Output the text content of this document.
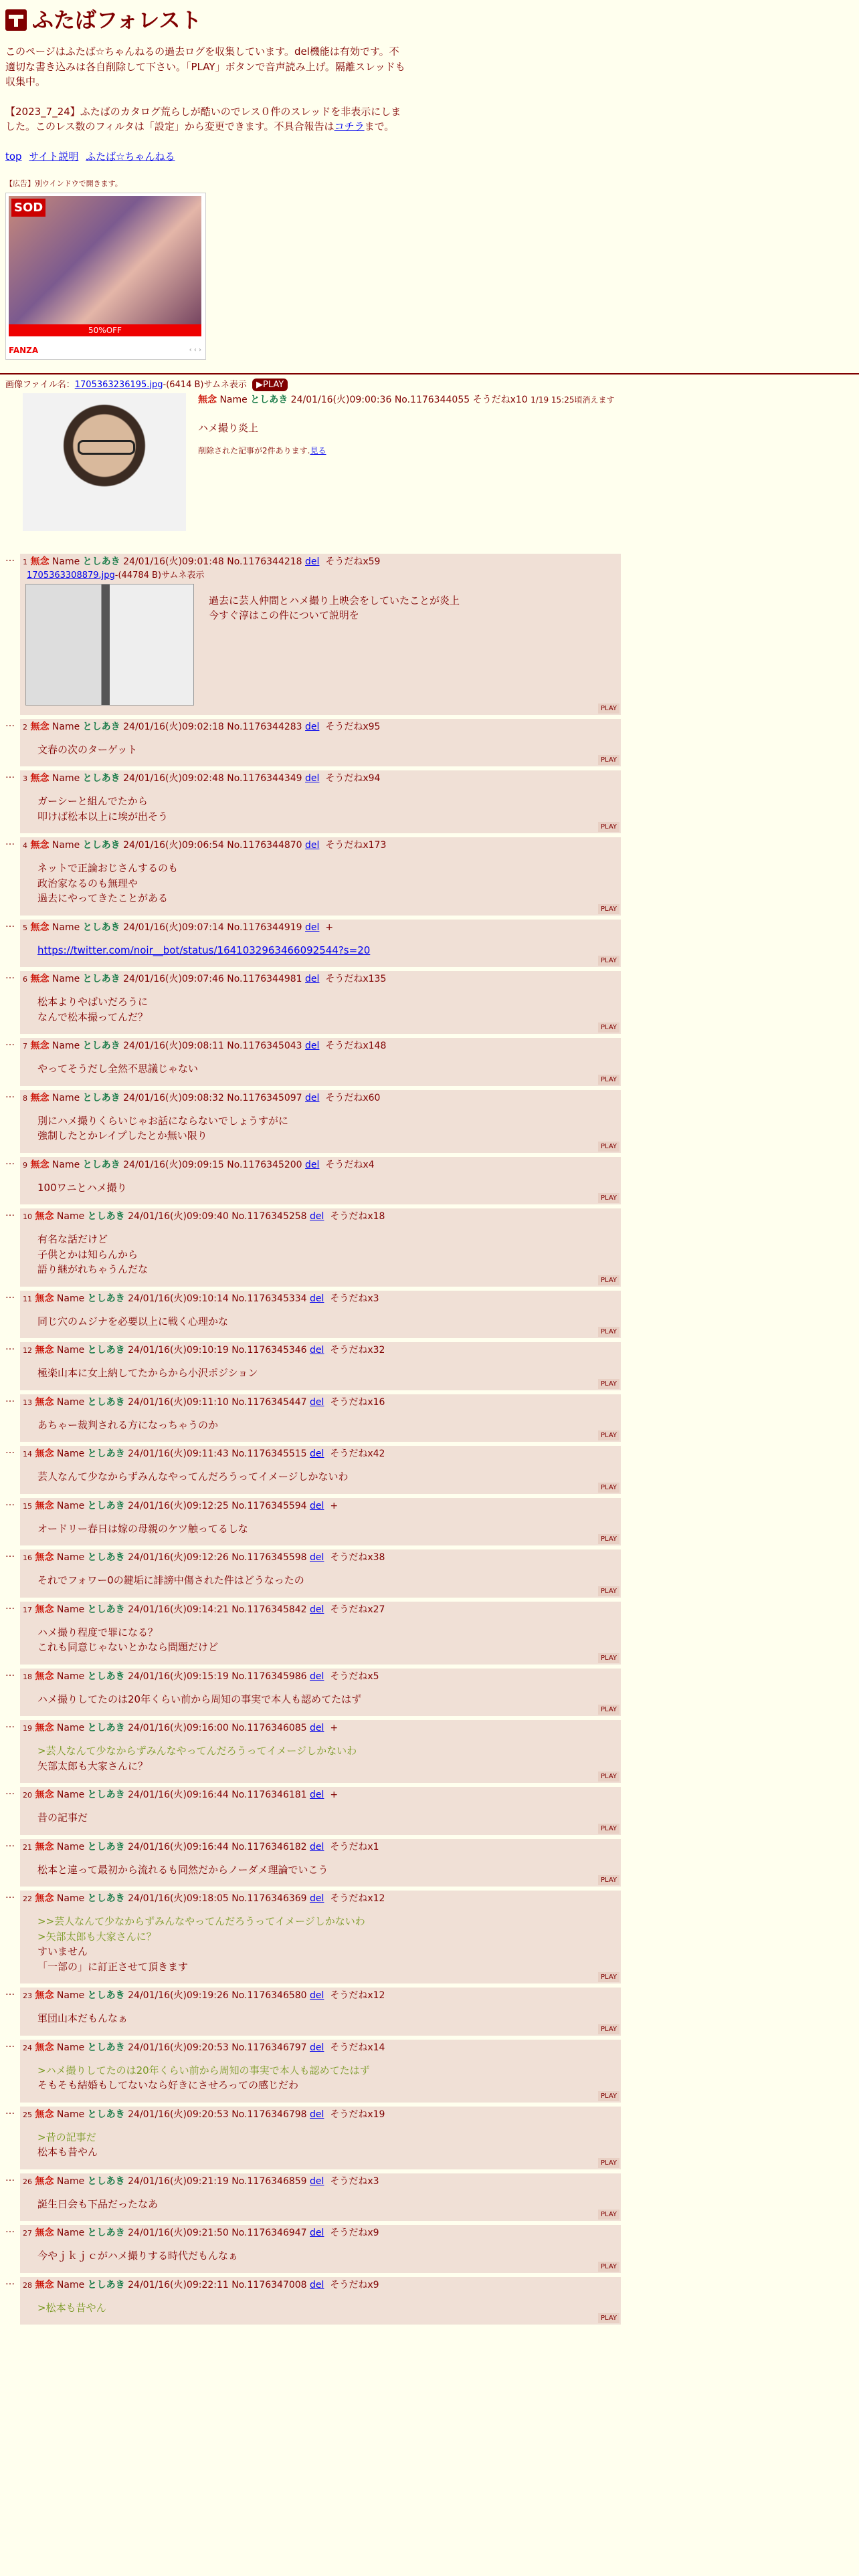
ふたばフォレスト

このページはふたば☆ちゃんねるの過去ログを収集しています。del機能は有効です。不適切な書き込みは各自削除して下さい。「PLAY」ボタンで音声読み上げ。隔離スレッドも収集中。

【2023_7_24】ふたばのカタログ荒らしが酷いのでレス０件のスレッドを非表示にしました。このレス数のフィルタは「設定」から変更できます。不具合報告はコチラまで。

top サイト説明 ふたば☆ちゃんねる
【広告】別ウインドウで開きます。
SOD
50%OFF
FANZA	‹ ‹ ›
画像ファイル名：1705363236195.jpg-(6414 B)サムネ表示 ▶PLAY
無念 Name としあき 24/01/16(火)09:00:36 No.1176344055 そうだねx10 1/19 15:25頃消えます
ハメ撮り炎上
削除された記事が2件あります.見る
…	1 無念 Name としあき 24/01/16(火)09:01:48 No.1176344218 del そうだねx59
1705363308879.jpg-(44784 B)サムネ表示
過去に芸人仲間とハメ撮り上映会をしていたことが炎上
今すぐ淳はこの件について説明を
PLAY
…	2 無念 Name としあき 24/01/16(火)09:02:18 No.1176344283 del そうだねx95
文春の次のターゲット
PLAY
…	3 無念 Name としあき 24/01/16(火)09:02:48 No.1176344349 del そうだねx94
ガーシーと組んでたから
叩けば松本以上に埃が出そう
PLAY
…	4 無念 Name としあき 24/01/16(火)09:06:54 No.1176344870 del そうだねx173
ネットで正論おじさんするのも
政治家なるのも無理や
過去にやってきたことがある
PLAY
…	5 無念 Name としあき 24/01/16(火)09:07:14 No.1176344919 del +
https://twitter.com/noir__bot/status/1641032963466092544?s=20
PLAY
…	6 無念 Name としあき 24/01/16(火)09:07:46 No.1176344981 del そうだねx135
松本よりやばいだろうに
なんで松本撮ってんだ？
PLAY
…	7 無念 Name としあき 24/01/16(火)09:08:11 No.1176345043 del そうだねx148
やってそうだし全然不思議じゃない
PLAY
…	8 無念 Name としあき 24/01/16(火)09:08:32 No.1176345097 del そうだねx60
別にハメ撮りくらいじゃお話にならないでしょうすがに
強制したとかレイプしたとか無い限り
PLAY
…	9 無念 Name としあき 24/01/16(火)09:09:15 No.1176345200 del そうだねx4
100ワニとハメ撮り
PLAY
…	10 無念 Name としあき 24/01/16(火)09:09:40 No.1176345258 del そうだねx18
有名な話だけど
子供とかは知らんから
語り継がれちゃうんだな
PLAY
…	11 無念 Name としあき 24/01/16(火)09:10:14 No.1176345334 del そうだねx3
同じ穴のムジナを必要以上に戦く心理かな
PLAY
…	12 無念 Name としあき 24/01/16(火)09:10:19 No.1176345346 del そうだねx32
極楽山本に女上納してたからから小沢ポジション
PLAY
…	13 無念 Name としあき 24/01/16(火)09:11:10 No.1176345447 del そうだねx16
あちゃー裁判される方になっちゃうのか
PLAY
…	14 無念 Name としあき 24/01/16(火)09:11:43 No.1176345515 del そうだねx42
芸人なんて少なからずみんなやってんだろうってイメージしかないわ
PLAY
…	15 無念 Name としあき 24/01/16(火)09:12:25 No.1176345594 del +
オードリー春日は嫁の母親のケツ触ってるしな
PLAY
…	16 無念 Name としあき 24/01/16(火)09:12:26 No.1176345598 del そうだねx38
それでフォワー0の鍵垢に誹謗中傷された件はどうなったの
PLAY
…	17 無念 Name としあき 24/01/16(火)09:14:21 No.1176345842 del そうだねx27
ハメ撮り程度で罪になる？
これも同意じゃないとかなら問題だけど
PLAY
…	18 無念 Name としあき 24/01/16(火)09:15:19 No.1176345986 del そうだねx5
ハメ撮りしてたのは20年くらい前から周知の事実で本人も認めてたはず
PLAY
…	19 無念 Name としあき 24/01/16(火)09:16:00 No.1176346085 del +
>芸人なんて少なからずみんなやってんだろうってイメージしかないわ
矢部太郎も大家さんに？
PLAY
…	20 無念 Name としあき 24/01/16(火)09:16:44 No.1176346181 del +
昔の記事だ
PLAY
…	21 無念 Name としあき 24/01/16(火)09:16:44 No.1176346182 del そうだねx1
松本と違って最初から流れるも同然だからノーダメ理論でいこう
PLAY
…	22 無念 Name としあき 24/01/16(火)09:18:05 No.1176346369 del そうだねx12
>>芸人なんて少なからずみんなやってんだろうってイメージしかないわ
>矢部太郎も大家さんに？
すいません
「一部の」に訂正させて頂きます
PLAY
…	23 無念 Name としあき 24/01/16(火)09:19:26 No.1176346580 del そうだねx12
軍団山本だもんなぁ
PLAY
…	24 無念 Name としあき 24/01/16(火)09:20:53 No.1176346797 del そうだねx14
>ハメ撮りしてたのは20年くらい前から周知の事実で本人も認めてたはず
そもそも結婚もしてないなら好きにさせろっての感じだわ
PLAY
…	25 無念 Name としあき 24/01/16(火)09:20:53 No.1176346798 del そうだねx19
>昔の記事だ
松本も昔やん
PLAY
…	26 無念 Name としあき 24/01/16(火)09:21:19 No.1176346859 del そうだねx3
誕生日会も下品だったなあ
PLAY
…	27 無念 Name としあき 24/01/16(火)09:21:50 No.1176346947 del そうだねx9
今やｊｋｊｃがハメ撮りする時代だもんなぁ
PLAY
…	28 無念 Name としあき 24/01/16(火)09:22:11 No.1176347008 del そうだねx9
>松本も昔やん
PLAY
